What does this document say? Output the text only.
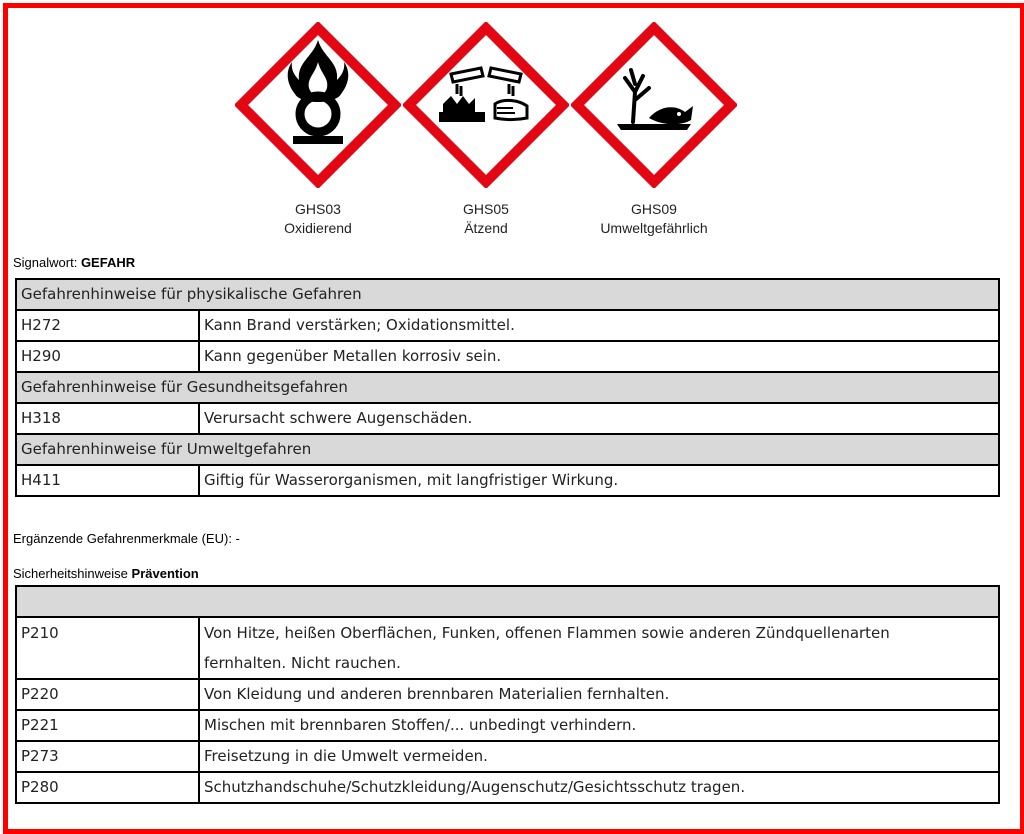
GHS03
Oxidierend
GHS05
Ätzend
GHS09
Umweltgefährlich
Signalwort: GEFAHR
Gefahrenhinweise für physikalische Gefahren	
H272	Kann Brand verstärken; Oxidationsmittel.
H290	Kann gegenüber Metallen korrosiv sein.
Gefahrenhinweise für Gesundheitsgefahren	
H318	Verursacht schwere Augenschäden.
Gefahrenhinweise für Umweltgefahren	
H411	Giftig für Wasserorganismen, mit langfristiger Wirkung.
Ergänzende Gefahrenmerkmale (EU): -
Sicherheitshinweise Prävention

P210	Von Hitze, heißen Oberflächen, Funken, offenen Flammen sowie anderen Zündquellenarten
fernhalten. Nicht rauchen.
P220	Von Kleidung und anderen brennbaren Materialien fernhalten.
P221	Mischen mit brennbaren Stoffen/... unbedingt verhindern.
P273	Freisetzung in die Umwelt vermeiden.
P280	Schutzhandschuhe/Schutzkleidung/Augenschutz/Gesichtsschutz tragen.
